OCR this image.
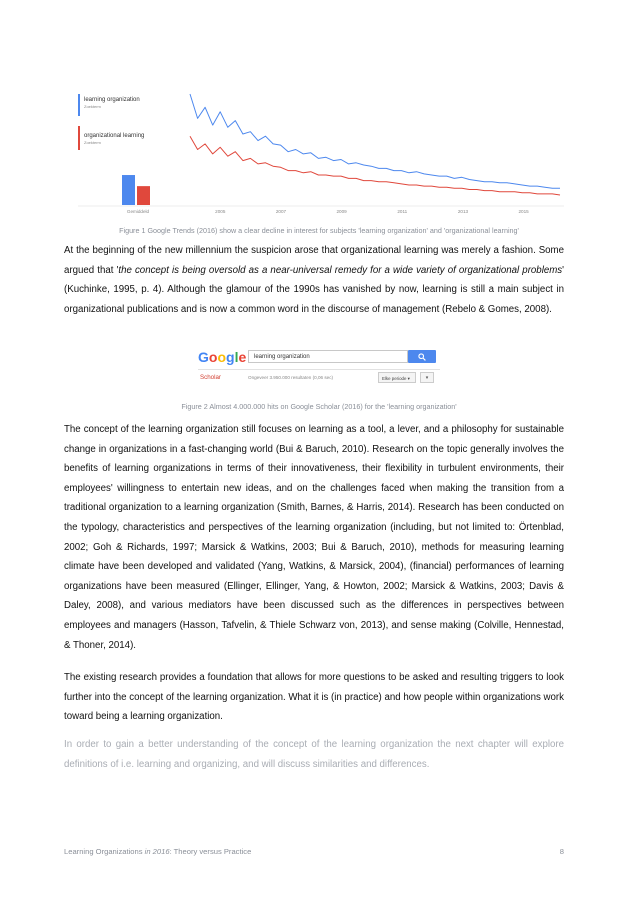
learning organization
Zoekterm
organizational learning
Zoekterm
Gemiddeld	2005	2007	2009	2011	2013	2015
Figure 1 Google Trends (2016) show a clear decline in interest for subjects 'learning organization' and 'organizational learning'
At the beginning of the new millennium the suspicion arose that organizational learning was merely a fashion. Some argued that 'the concept is being oversold as a near-universal remedy for a wide variety of organizational problems' (Kuchinke, 1995, p. 4). Although the glamour of the 1990s has vanished by now, learning is still a main subject in organizational publications and is now a common word in the discourse of management (Rebelo & Gomes, 2008).
Google	learning organization
Scholar	Ongeveer 3.950.000 resultaten (0,06 sec)	Elke periode ▾	▾
Figure 2 Almost 4.000.000 hits on Google Scholar (2016) for the 'learning organization'
The concept of the learning organization still focuses on learning as a tool, a lever, and a philosophy for sustainable change in organizations in a fast-changing world (Bui & Baruch, 2010). Research on the topic generally involves the benefits of learning organizations in terms of their innovativeness, their flexibility in turbulent environments, their employees' willingness to entertain new ideas, and on the challenges faced when making the transition from a traditional organization to a learning organization (Smith, Barnes, & Harris, 2014). Research has been conducted on the typology, characteristics and perspectives of the learning organization (including, but not limited to: Örtenblad, 2002; Goh & Richards, 1997; Marsick & Watkins, 2003; Bui & Baruch, 2010), methods for measuring learning climate have been developed and validated (Yang, Watkins, & Marsick, 2004), (financial) performances of learning organizations have been measured (Ellinger, Ellinger, Yang, & Howton, 2002; Marsick & Watkins, 2003; Davis & Daley, 2008), and various mediators have been discussed such as the differences in perspectives between employees and managers (Hasson, Tafvelin, & Thiele Schwarz von, 2013), and sense making (Colville, Hennestad, & Thoner, 2014).
The existing research provides a foundation that allows for more questions to be asked and resulting triggers to look further into the concept of the learning organization. What it is (in practice) and how people within organizations work toward being a learning organization.
In order to gain a better understanding of the concept of the learning organization the next chapter will explore definitions of i.e. learning and organizing, and will discuss similarities and differences.
Learning Organizations in 2016: Theory versus Practice	8
